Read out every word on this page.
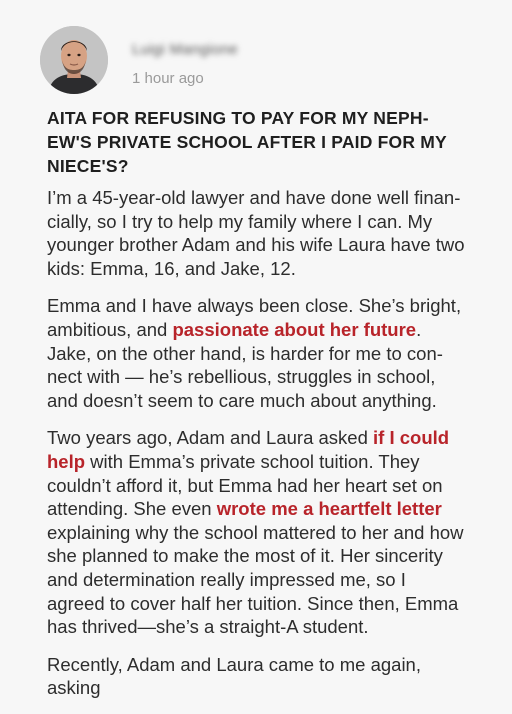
Luigi Mangione
1 hour ago
AITA FOR REFUSING TO PAY FOR MY NEPH-
EW'S PRIVATE SCHOOL AFTER I PAID FOR MY
NIECE'S?

I’m a 45-year-old lawyer and have done well finan-
cially, so I try to help my family where I can. My
younger brother Adam and his wife Laura have two
kids: Emma, 16, and Jake, 12.

Emma and I have always been close. She’s bright,
ambitious, and passionate about her future.
Jake, on the other hand, is harder for me to con-
nect with — he’s rebellious, struggles in school,
and doesn’t seem to care much about anything.

Two years ago, Adam and Laura asked if I could
help with Emma’s private school tuition. They
couldn’t afford it, but Emma had her heart set on
attending. She even wrote me a heartfelt letter
explaining why the school mattered to her and how
she planned to make the most of it. Her sincerity
and determination really impressed me, so I
agreed to cover half her tuition. Since then, Emma
has thrived—she’s a straight-A student.

Recently, Adam and Laura came to me again, asking
